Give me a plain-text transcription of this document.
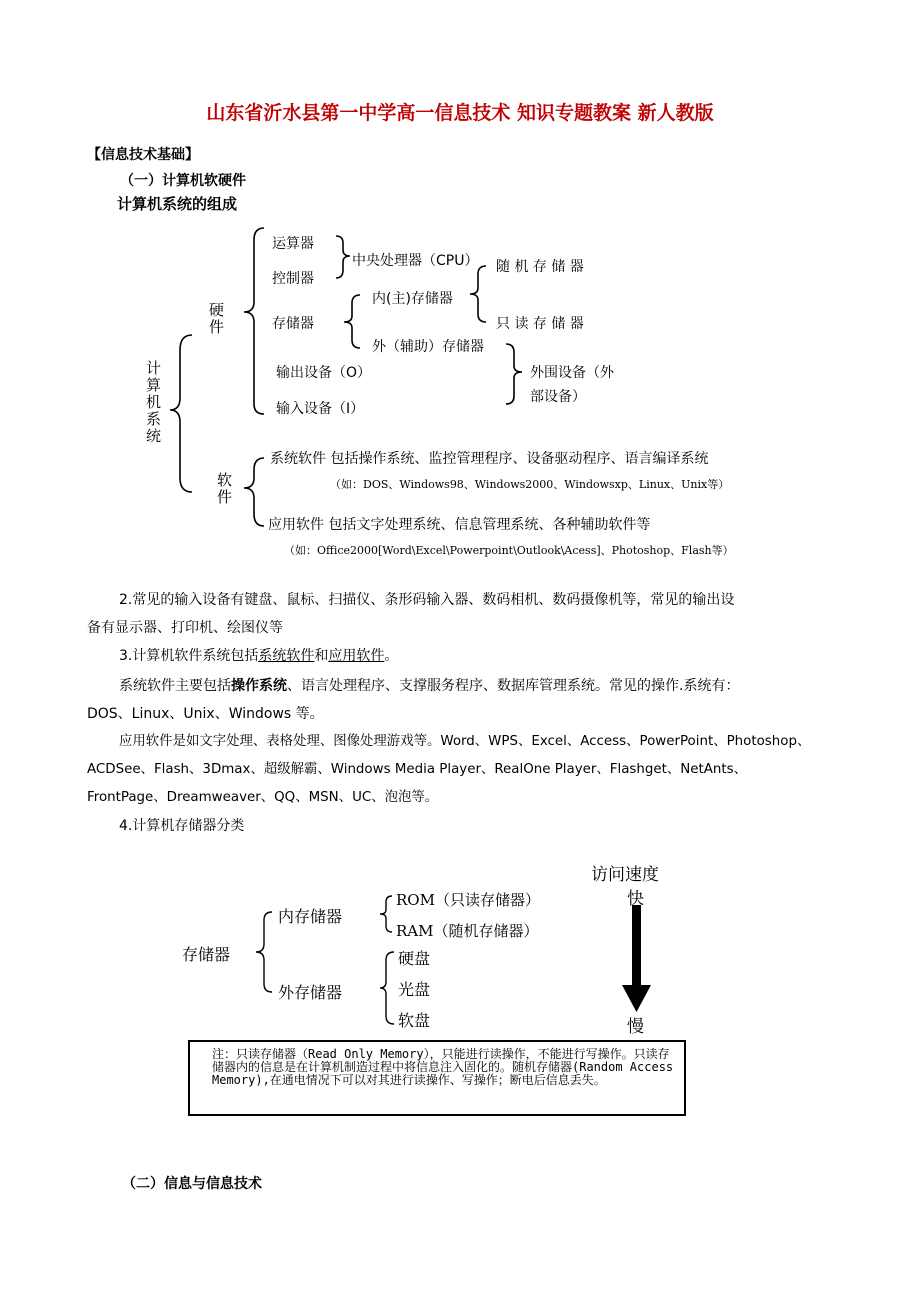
山东省沂水县第一中学高一信息技术 知识专题教案 新人教版
【信息技术基础】
（一）计算机软硬件
计算机系统的组成
计算机系统
硬件
软件
运算器
控制器
中央处理器（CPU）
存储器
内(主)存储器
外（辅助）存储器
随 机 存 储 器
只 读 存 储 器
输出设备（O）
输入设备（I）
外围设备（外
部设备）
系统软件 包括操作系统、监控管理程序、设备驱动程序、语言编译系统
（如：DOS、Windows98、Windows2000、Windowsxp、Linux、Unix等）
应用软件 包括文字处理系统、信息管理系统、各种辅助软件等
（如：Office2000[Word\Excel\Powerpoint\Outlook\Acess]、Photoshop、Flash等）
2.常见的输入设备有键盘、鼠标、扫描仪、条形码输入器、数码相机、数码摄像机等，常见的输出设
备有显示器、打印机、绘图仪等
3.计算机软件系统包括系统软件和应用软件。
系统软件主要包括操作系统、语言处理程序、支撑服务程序、数据库管理系统。常见的操作.系统有：
DOS、Linux、Unix、Windows 等。
应用软件是如文字处理、表格处理、图像处理游戏等。Word、WPS、Excel、Access、PowerPoint、Photoshop、
ACDSee、Flash、3Dmax、超级解霸、Windows Media Player、RealOne Player、Flashget、NetAnts、
FrontPage、Dreamweaver、QQ、MSN、UC、泡泡等。
4.计算机存储器分类
访问速度
快
慢
存储器
内存储器
外存储器
ROM（只读存储器）
RAM（随机存储器）
硬盘
光盘
软盘
注：只读存储器（Read Only Memory），只能进行读操作，不能进行写操作。只读存储器内的信息是在计算机制造过程中将信息注入固化的。随机存储器(Random Access Memory),在通电情况下可以对其进行读操作、写操作；断电后信息丢失。
（二）信息与信息技术
